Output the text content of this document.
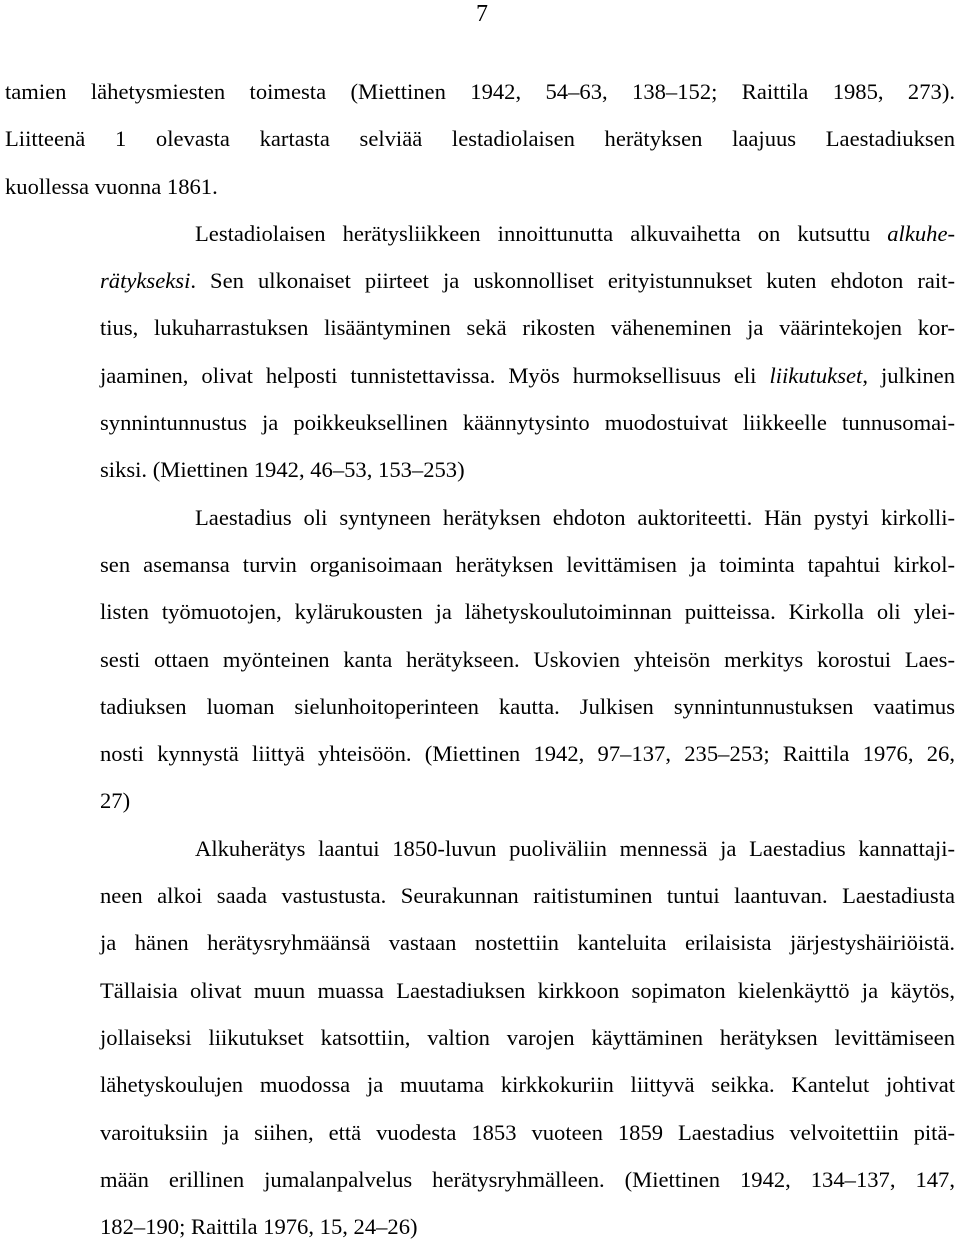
7
tamien lähetysmiesten toimesta (Miettinen 1942, 54–63, 138–152; Raittila 1985, 273).
Liitteenä 1 olevasta kartasta selviää lestadiolaisen herätyksen laajuus Laestadiuksen
kuollessa vuonna 1861.
Lestadiolaisen herätysliikkeen innoittunutta alkuvaihetta on kutsuttu alkuhe-
rätykseksi. Sen ulkonaiset piirteet ja uskonnolliset erityistunnukset kuten ehdoton rait-
tius, lukuharrastuksen lisääntyminen sekä rikosten väheneminen ja väärintekojen kor-
jaaminen, olivat helposti tunnistettavissa. Myös hurmoksellisuus eli liikutukset, julkinen
synnintunnustus ja poikkeuksellinen käännytysinto muodostuivat liikkeelle tunnusomai-
siksi. (Miettinen 1942, 46–53, 153–253)
Laestadius oli syntyneen herätyksen ehdoton auktoriteetti. Hän pystyi kirkolli-
sen asemansa turvin organisoimaan herätyksen levittämisen ja toiminta tapahtui kirkol-
listen työmuotojen, kylärukousten ja lähetyskoulutoiminnan puitteissa. Kirkolla oli ylei-
sesti ottaen myönteinen kanta herätykseen. Uskovien yhteisön merkitys korostui Laes-
tadiuksen luoman sielunhoitoperinteen kautta. Julkisen synnintunnustuksen vaatimus
nosti kynnystä liittyä yhteisöön. (Miettinen 1942, 97–137, 235–253; Raittila 1976, 26,
27)
Alkuherätys laantui 1850-luvun puoliväliin mennessä ja Laestadius kannattaji-
neen alkoi saada vastustusta. Seurakunnan raitistuminen tuntui laantuvan. Laestadiusta
ja hänen herätysryhmäänsä vastaan nostettiin kanteluita erilaisista järjestyshäiriöistä.
Tällaisia olivat muun muassa Laestadiuksen kirkkoon sopimaton kielenkäyttö ja käytös,
jollaiseksi liikutukset katsottiin, valtion varojen käyttäminen herätyksen levittämiseen
lähetyskoulujen muodossa ja muutama kirkkokuriin liittyvä seikka. Kantelut johtivat
varoituksiin ja siihen, että vuodesta 1853 vuoteen 1859 Laestadius velvoitettiin pitä-
mään erillinen jumalanpalvelus herätysryhmälleen. (Miettinen 1942, 134–137, 147,
182–190; Raittila 1976, 15, 24–26)
